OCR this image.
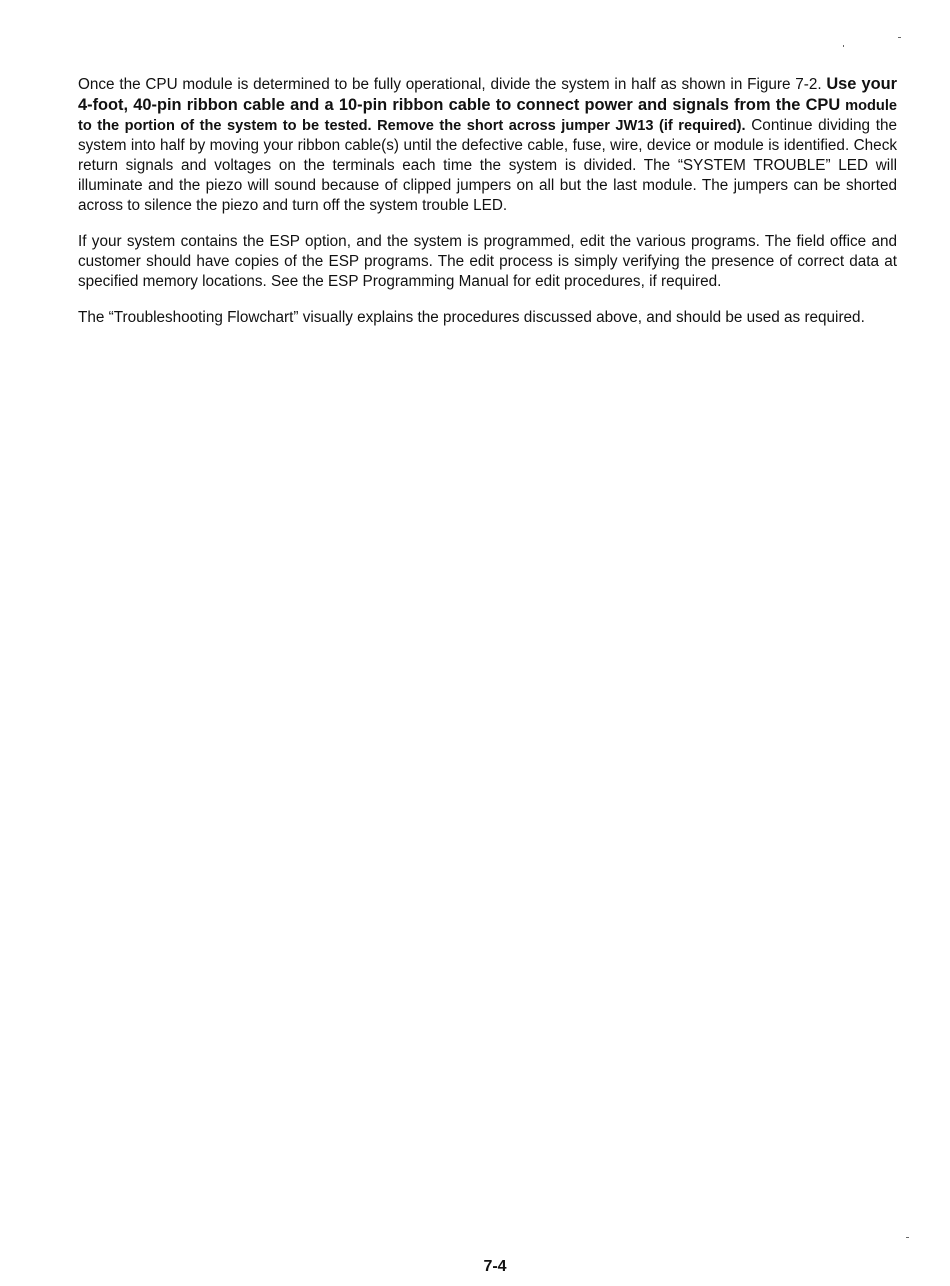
Once the CPU module is determined to be fully operational, divide the system in half as shown in Figure 7-2. Use your 4-foot, 40-pin ribbon cable and a 10-pin ribbon cable to connect power and signals from the CPU module to the portion of the system to be tested. Remove the short across jumper JW13 (if required). Continue dividing the system into half by moving your ribbon cable(s) until the defective cable, fuse, wire, device or module is identified. Check return signals and voltages on the terminals each time the system is divided. The “SYSTEM TROUBLE” LED will illuminate and the piezo will sound because of clipped jumpers on all but the last module. The jumpers can be shorted across to silence the piezo and turn off the system trouble LED.

If your system contains the ESP option, and the system is programmed, edit the various programs. The field office and customer should have copies of the ESP programs. The edit process is simply verifying the presence of correct data at specified memory locations. See the ESP Programming Manual for edit procedures, if required.

The “Troubleshooting Flowchart” visually explains the procedures discussed above, and should be used as required.

7-4
